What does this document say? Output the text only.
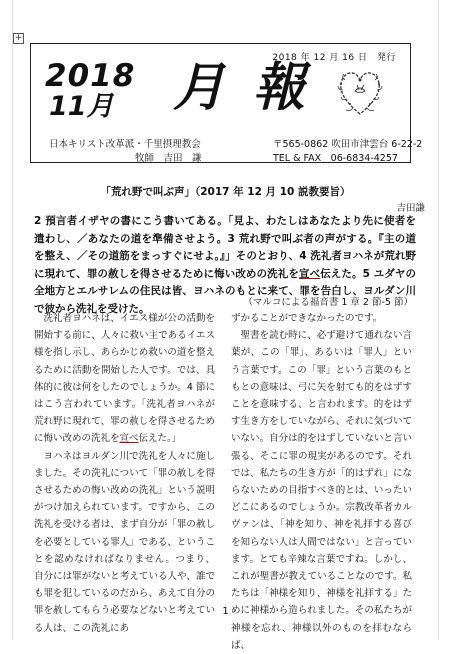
+
2018 年 12 月 16 日　発行
2018
11月 月 報
日本キリスト改革派・千里摂理教会
牧師　吉田　謙
〒565-0862 吹田市津雲台 6-22-2
TEL & FAX　06-6834-4257
「荒れ野で叫ぶ声」（2017 年 12 月 10 説教要旨）
吉田謙

2 預言者イザヤの書にこう書いてある。「見よ、わたしはあなたより先に使者を遣わし、／あなたの道を準備させよう。3 荒れ野で叫ぶ者の声がする。『主の道を整え、／その道筋をまっすぐにせよ。』」そのとおり、4 洗礼者ヨハネが荒れ野に現れて、罪の赦しを得させるために悔い改めの洗礼を宣べ伝えた。5 ユダヤの全地方とエルサレムの住民は皆、ヨハネのもとに来て、罪を告白し、ヨルダン川で彼から洗礼を受けた。	（マルコによる福音書 1 章 2 節-5 節）

洗礼者ヨハネは、イエス様が公の活動を開始する前に、人々に救い主であるイエス様を指し示し、あらかじめ救いの道を整えるために活動を開始した人です。では、具体的に彼は何をしたのでしょうか。4 節にはこう言われています。「洗礼者ヨハネが荒れ野に現れて、罪の赦しを得させるために悔い改めの洗礼を宣べ伝えた。」

ヨハネはヨルダン川で洗礼を人々に施しました。その洗礼について「罪の赦しを得させるための悔い改めの洗礼」という説明がつけ加えられています。ですから、この洗礼を受ける者は、まず自分が「罪の赦しを必要としている罪人」である、ということを認めなければなりません。つまり、自分には罪がないと考えている人や、誰でも罪を犯しているのだから、あえて自分の罪を赦してもらう必要などないと考えている人は、この洗礼にあ

ずかることができなかったのです。

聖書を読む時に、必ず避けて通れない言葉が、この「罪」、あるいは「罪人」という言葉です。この「罪」という言葉のもともとの意味は、弓に矢を射ても的をはずすことを意味する、と言われます。的をはずす生き方をしていながら、それに気づいていない。自分は的をはずしていないと言い張る、そこに罪の現実があるのです。それでは、私たちの生き方が「的はずれ」にならないための目指すべき的とは、いったいどこにあるのでしょうか。宗教改革者カルヴァンは、「神を知り、神を礼拝する喜びを知らない人は人間ではない」と言っています。とても辛辣な言葉ですね。しかし、これが聖書が教えていることなのです。私たちは「神様を知り、神様を礼拝する」ために神様から造られました。その私たちが神様を忘れ、神様以外のものを拝むならば、

1
